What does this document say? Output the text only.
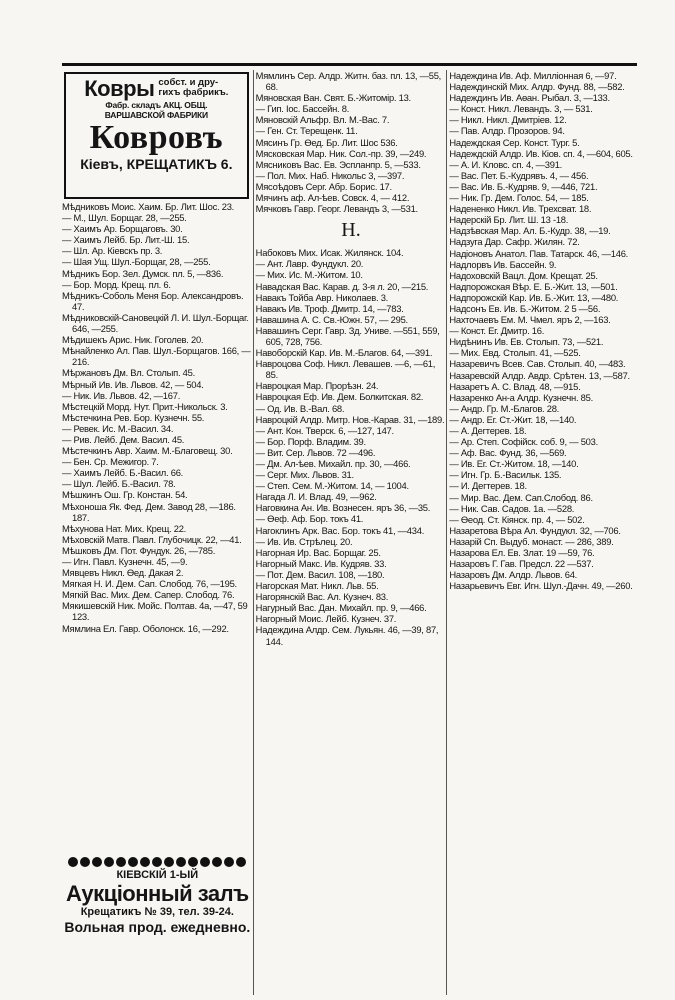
Ковры собст. и дру-
гихъ фабрикъ.
Фабр. складъ АКЦ. ОБЩ.
ВАРШАВСКОЙ ФАБРИКИ
Ковровъ
Кіевъ, КРЕЩАТИКЪ 6.
Мѣдниковъ Моис. Хаим. Бр. Лит. Шос. 23.
— М., Шул. Борщаг. 28, —255.
— Хаимъ Ар. Борщаговъ. 30.
— Хаимъ Лейб. Бр. Лит.-Ш. 15.
— Шл. Ар. Кіевскъ пр. 3.
— Шая Ущ. Шул.-Борщаг, 28, —255.
Мѣдникъ Бор. Зел. Думск. пл. 5, —836.
— Бор. Морд. Крещ. пл. 6.
Мѣдникъ-Соболь Меня Бор. Александровъ. 47.
Мѣдниковскій-Сановецкій Л. И. Шул.-Борщаг. 646, —255.
Мѣдишекъ Арис. Ник. Гоголев. 20.
Мѣнайленко Ал. Пав. Шул.-Борщагов. 166, —216.
Мѣржановъ Дм. Вл. Столып. 45.
Мѣрный Ив. Ив. Львов. 42, — 504.
— Ник. Ив. Львов. 42, —167.
Мѣстецкій Морд. Нут. Прит.-Никольск. 3.
Мѣстечкина Рев. Бор. Кузнечн. 55.
— Ревек. Ис. М.-Васил. 34.
— Рив. Лейб. Дем. Васил. 45.
Мѣстечкинъ Авр. Хаим. М.-Благовещ. 30.
— Бен. Ср. Межигор. 7.
— Хаимъ Лейб. Б.-Васил. 66.
— Шул. Лейб. Б.-Васил. 78.
Мѣшкинъ Ош. Гр. Констан. 54.
Мѣхоноша Як. Фед. Дем. Завод 28, —186. 187.
Мѣхунова Нат. Мих. Крещ. 22.
Мѣховскій Матв. Павл. Глубочицк. 22, —41.
Мѣшковъ Дм. Пот. Фундук. 26, —785.
— Игн. Павл. Кузнечн. 45, —9.
Мявцевъ Никл. Ѳед. Дакая 2.
Мягкая Н. И. Дем. Сап. Слобод. 76, —195.
Мягкій Вас. Мих. Дем. Сапер. Слобод. 76.
Мякишевскій Ник. Мойс. Полтав. 4а, —47, 59 123.
Мямлина Ел. Гавр. Оболонск. 16, —292.
КІЕВСКІЙ 1-ЫЙ
Аукціонный залъ
Крещатикъ № 39, тел. 39-24.
Вольная прод. ежедневно.
Мямлинъ Сер. Алдр. Житн. баз. пл. 13, —55, 68.
Мяновская Ван. Свят. Б.-Житомір. 13.
— Гип. Іос. Бассейн. 8.
Мяновскій Альфр. Вл. М.-Вас. 7.
— Ген. Ст. Терещенк. 11.
Мясинъ Гр. Ѳед. Бр. Лит. Шос 536.
Мясковская Мар. Ник. Сол.-пр. 39, —249.
Мясниковъ Вас. Ев. Эспланпр. 5, —533.
— Пол. Мих. Наб. Никольс 3, —397.
Мясоѣдовъ Серг. Абр. Борис. 17.
Мячинъ аф. Ал-ѣев. Совск. 4, — 412.
Мячковъ Гавр. Георг. Левандъ 3, —531.
Н.
Набоковъ Мих. Исак. Жилянск. 104.
— Ант. Лавр. Фундукл. 20.
— Мих. Ис. М.-Житом. 10.
Навадская Вас. Карав. д. 3-я л. 20, —215.
Навакъ Тойба Авр. Николаев. 3.
Навакъ Ив. Троф. Дмитр. 14, —783.
Навашина А. С. Св.-Южн. 57, — 295.
Навашинъ Серг. Гавр. Зд. Униве. —551, 559, 605, 728, 756.
Навоборскій Кар. Ив. М.-Благов. 64, —391.
Навроцова Соф. Никл. Левашев. —6, —61, 85.
Навроцкая Мар. Прорѣзн. 24.
Навроцкая Еф. Ив. Дем. Болкитская. 82.
— Од. Ив. В.-Вал. 68.
Навроцкій Алдр. Митр. Нов.-Карав. 31, —189.
— Ант. Кон. Тверск. 6, —127, 147.
— Бор. Порф. Владим. 39.
— Вит. Сер. Львов. 72 —496.
— Дм. Ал-ѣев. Михайл. пр. 30, —466.
— Серг. Мих. Львов. 31.
— Степ. Сем. М.-Житом. 14, — 1004.
Нагада Л. И. Влад. 49, —962.
Наговкина Ан. Ив. Вознесен. яръ 36, —35.
— Ѳеф. Аф. Бор. токъ 41.
Нагоклинъ Арк. Вас. Бор. токъ 41, —434.
— Ив. Ив. Стрѣлец. 20.
Нагорная Ир. Вас. Борщаг. 25.
Нагорный Макс. Ив. Кудряв. 33.
— Пот. Дем. Васил. 108, —180.
Нагорская Мат. Никл. Льв. 55.
Нагорянскій Вас. Ал. Кузнеч. 83.
Нагурный Вас. Дан. Михайл. пр. 9, —466.
Нагорный Моис. Лейб. Кузнеч. 37.
Надеждина Алдр. Сем. Лукьян. 46, —39, 87, 144.
Надеждина Ив. Аф. Милліонная 6, —97.
Надеждинскій Мих. Алдр. Фунд. 88, —582.
Надеждинъ Ив. Аѳан. Рыбал. 3, —133.
— Конст. Никл. Левандъ. 3, — 531.
— Никл. Никл. Дмитріев. 12.
— Пав. Алдр. Прозоров. 94.
Надеждская Сер. Конст. Тург. 5.
Надеждскій Алдр. Ив. Кіов. сп. 4, —604, 605.
— А. И. Кловс. сп. 4, —391.
— Вас. Пет. Б.-Кудрявъ. 4, — 456.
— Вас. Ив. Б.-Кудряв. 9, —446, 721.
— Ник. Гр. Дем. Голос. 54, — 185.
Надененко Никл. Ив. Трехсват. 18.
Надерскій Бр. Лит. Ш. 13 -18.
Надзѣвская Мар. Ал. Б.-Кудр. 38, —19.
Надзуга Дар. Сафр. Жилян. 72.
Надіоновъ Анатол. Пав. Татарск. 46, —146.
Надлорвъ Ив. Бассейн. 9.
Надоховскій Вацл. Дом. Крещат. 25.
Надпорожская Вѣр. Е. Б.-Жит. 13, —501.
Надпорожскій Кар. Ив. Б.-Жит. 13, —480.
Надсонъ Ев. Ив. Б.-Житом. 2 5 —56.
Нахточаевъ Ем. М. Чмел. яръ 2, —163.
— Конст. Ег. Дмитр. 16.
Нидѣнинъ Ив. Ев. Столып. 73, —521.
— Мих. Евд. Столып. 41, —525.
Назаревичъ Всев. Сав. Столып. 40, —483.
Назаревскій Алдр. Авдр. Срѣтен. 13, —587.
Назаретъ А. С. Влад. 48, —915.
Назаренко Ан-а Алдр. Кузнечн. 85.
— Андр. Гр. М.-Благов. 28.
— Андр. Ег. Ст.-Жит. 18, —140.
— А. Дегтерев. 18.
— Ар. Степ. Софійск. соб. 9, — 503.
— Аф. Вас. Фунд. 36, —569.
— Ив. Ег. Ст.-Житом. 18, —140.
— Игн. Гр. Б.-Васильк. 135.
— И. Дегтерев. 18.
— Мир. Вас. Дем. Сап.Слобод. 86.
— Ник. Сав. Садов. 1а. —528.
— Ѳеод. Ст. Кіянск. пр. 4, — 502.
Назаретова Вѣра Ал. Фундукл. 32, —706.
Назарій Сп. Выдуб. монаст. — 286, 389.
Назарова Ел. Ев. Злат. 19 —59, 76.
Назаровъ Г. Гав. Предсл. 22 —537.
Назаровъ Дм. Алдр. Львов. 64.
Назарьевичъ Евг. Игн. Шул.-Дачн. 49, —260.
